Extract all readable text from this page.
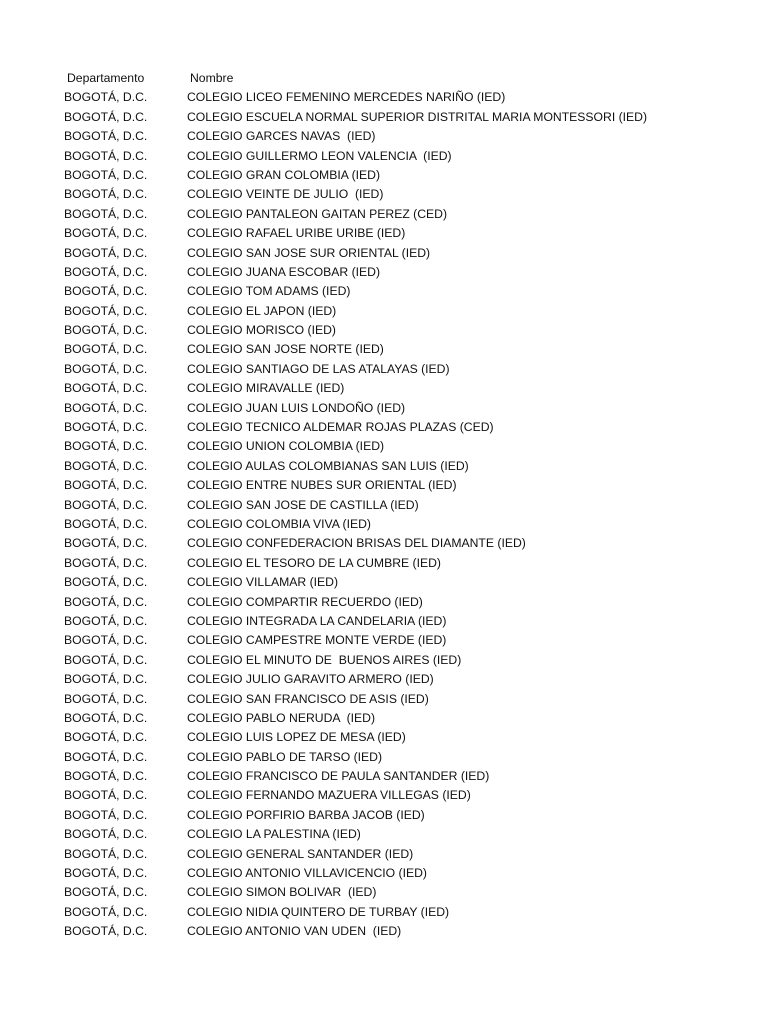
Departamento	Nombre
BOGOTÁ, D.C.	COLEGIO LICEO FEMENINO MERCEDES NARIÑO (IED)
BOGOTÁ, D.C.	COLEGIO ESCUELA NORMAL SUPERIOR DISTRITAL MARIA MONTESSORI (IED)
BOGOTÁ, D.C.	COLEGIO GARCES NAVAS  (IED)
BOGOTÁ, D.C.	COLEGIO GUILLERMO LEON VALENCIA  (IED)
BOGOTÁ, D.C.	COLEGIO GRAN COLOMBIA (IED)
BOGOTÁ, D.C.	COLEGIO VEINTE DE JULIO  (IED)
BOGOTÁ, D.C.	COLEGIO PANTALEON GAITAN PEREZ (CED)
BOGOTÁ, D.C.	COLEGIO RAFAEL URIBE URIBE (IED)
BOGOTÁ, D.C.	COLEGIO SAN JOSE SUR ORIENTAL (IED)
BOGOTÁ, D.C.	COLEGIO JUANA ESCOBAR (IED)
BOGOTÁ, D.C.	COLEGIO TOM ADAMS (IED)
BOGOTÁ, D.C.	COLEGIO EL JAPON (IED)
BOGOTÁ, D.C.	COLEGIO MORISCO (IED)
BOGOTÁ, D.C.	COLEGIO SAN JOSE NORTE (IED)
BOGOTÁ, D.C.	COLEGIO SANTIAGO DE LAS ATALAYAS (IED)
BOGOTÁ, D.C.	COLEGIO MIRAVALLE (IED)
BOGOTÁ, D.C.	COLEGIO JUAN LUIS LONDOÑO (IED)
BOGOTÁ, D.C.	COLEGIO TECNICO ALDEMAR ROJAS PLAZAS (CED)
BOGOTÁ, D.C.	COLEGIO UNION COLOMBIA (IED)
BOGOTÁ, D.C.	COLEGIO AULAS COLOMBIANAS SAN LUIS (IED)
BOGOTÁ, D.C.	COLEGIO ENTRE NUBES SUR ORIENTAL (IED)
BOGOTÁ, D.C.	COLEGIO SAN JOSE DE CASTILLA (IED)
BOGOTÁ, D.C.	COLEGIO COLOMBIA VIVA (IED)
BOGOTÁ, D.C.	COLEGIO CONFEDERACION BRISAS DEL DIAMANTE (IED)
BOGOTÁ, D.C.	COLEGIO EL TESORO DE LA CUMBRE (IED)
BOGOTÁ, D.C.	COLEGIO VILLAMAR (IED)
BOGOTÁ, D.C.	COLEGIO COMPARTIR RECUERDO (IED)
BOGOTÁ, D.C.	COLEGIO INTEGRADA LA CANDELARIA (IED)
BOGOTÁ, D.C.	COLEGIO CAMPESTRE MONTE VERDE (IED)
BOGOTÁ, D.C.	COLEGIO EL MINUTO DE  BUENOS AIRES (IED)
BOGOTÁ, D.C.	COLEGIO JULIO GARAVITO ARMERO (IED)
BOGOTÁ, D.C.	COLEGIO SAN FRANCISCO DE ASIS (IED)
BOGOTÁ, D.C.	COLEGIO PABLO NERUDA  (IED)
BOGOTÁ, D.C.	COLEGIO LUIS LOPEZ DE MESA (IED)
BOGOTÁ, D.C.	COLEGIO PABLO DE TARSO (IED)
BOGOTÁ, D.C.	COLEGIO FRANCISCO DE PAULA SANTANDER (IED)
BOGOTÁ, D.C.	COLEGIO FERNANDO MAZUERA VILLEGAS (IED)
BOGOTÁ, D.C.	COLEGIO PORFIRIO BARBA JACOB (IED)
BOGOTÁ, D.C.	COLEGIO LA PALESTINA (IED)
BOGOTÁ, D.C.	COLEGIO GENERAL SANTANDER (IED)
BOGOTÁ, D.C.	COLEGIO ANTONIO VILLAVICENCIO (IED)
BOGOTÁ, D.C.	COLEGIO SIMON BOLIVAR  (IED)
BOGOTÁ, D.C.	COLEGIO NIDIA QUINTERO DE TURBAY (IED)
BOGOTÁ, D.C.	COLEGIO ANTONIO VAN UDEN  (IED)
